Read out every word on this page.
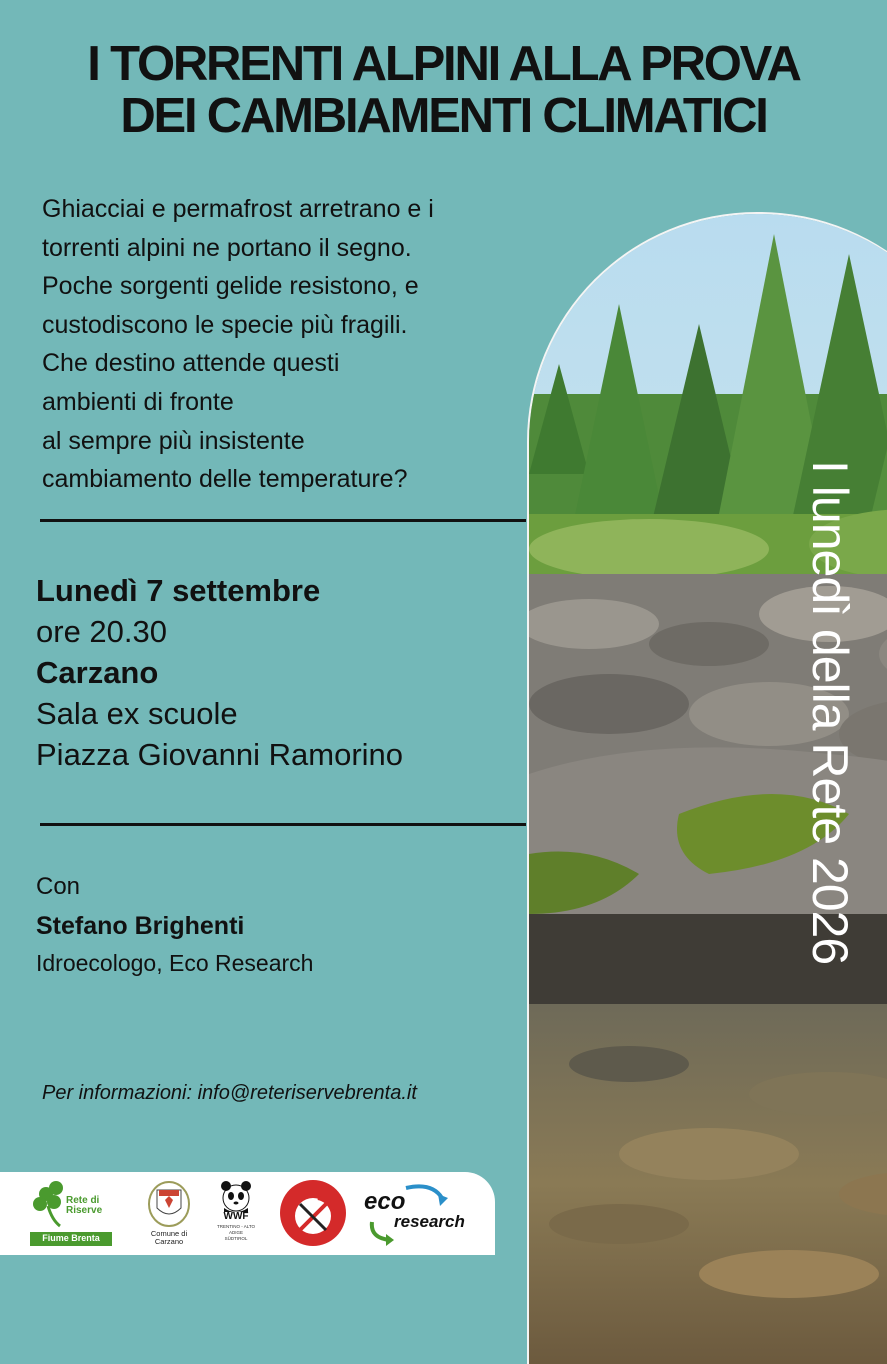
I TORRENTI ALPINI ALLA PROVA
DEI CAMBIAMENTI CLIMATICI
Ghiacciai e permafrost arretrano e i
torrenti alpini ne portano il segno.
Poche sorgenti gelide resistono, e
custodiscono le specie più fragili.
Che destino attende questi
ambienti di fronte
al sempre più insistente
cambiamento delle temperature?
Lunedì 7 settembre
ore 20.30
Carzano
Sala ex scuole
Piazza Giovanni Ramorino
Con
Stefano Brighenti
Idroecologo, Eco Research
Per informazioni: info@reteriservebrenta.it
I lunedì della Rete 2026
Rete di
Riserve
Fiume Brenta	Comune di
Carzano
WWF
TRENTINO - ALTO ADIGE
SÜDTIROL
eco
research
